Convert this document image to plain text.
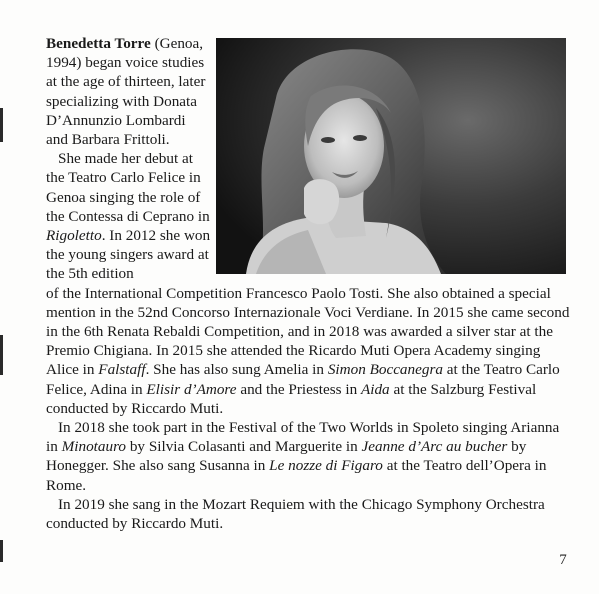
Benedetta Torre (Genoa, 1994) began voice studies at the age of thirteen, later specializing with Donata D’Annunzio Lombardi and Barbara Frittoli.

She made her debut at the Teatro Carlo Felice in Genoa singing the role of the Contessa di Ceprano in Rigoletto. In 2012 she won the young singers award at the 5th edition

of the International Competition Francesco Paolo Tosti. She also obtained a special mention in the 52nd Concorso Internazionale Voci Verdiane. In 2015 she came second in the 6th Renata Rebaldi Competition, and in 2018 was awarded a silver star at the Premio Chigiana. In 2015 she attended the Ricardo Muti Opera Academy singing Alice in Falstaff. She has also sung Amelia in Simon Boccanegra at the Teatro Carlo Felice, Adina in Elisir d’Amore and the Priestess in Aida at the Salzburg Festival conducted by Riccardo Muti.

In 2018 she took part in the Festival of the Two Worlds in Spoleto singing Arianna in Minotauro by Silvia Colasanti and Marguerite in Jeanne d’Arc au bucher by Honegger. She also sang Susanna in Le nozze di Figaro at the Teatro dell’Opera in Rome.

In 2019 she sang in the Mozart Requiem with the Chicago Symphony Orchestra conducted by Riccardo Muti.

7
